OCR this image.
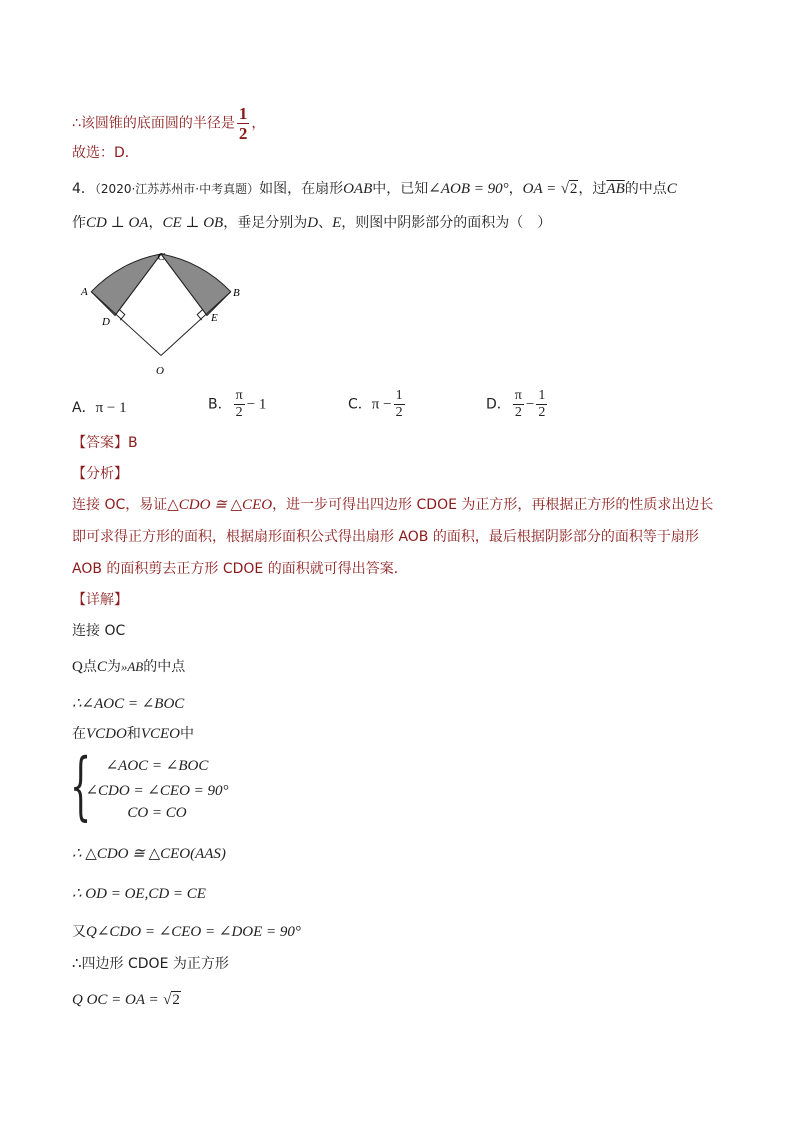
∴该圆锥的底面圆的半径是 $\frac{1}{2}$ ，
故选：D．
4．（2020·江苏苏州市·中考真题）如图，在扇形OAB中，已知∠AOB = 90°，OA = √2，过$\overline{AB}$的中点C
作CD ⊥ OA，CE ⊥ OB，垂足分别为D、E，则图中阴影部分的面积为（　）
C
A	B
D	E
O
A．π − 1	B． $\frac{\pi}{2} - 1$	C．$\pi - \frac{1}{2}$	D． $\frac{\pi}{2} - \frac{1}{2}$
【答案】B
【分析】
连接 OC，易证△CDO ≅ △CEO，进一步可得出四边形 CDOE 为正方形，再根据正方形的性质求出边长
即可求得正方形的面积，根据扇形面积公式得出扇形 AOB 的面积，最后根据阴影部分的面积等于扇形
AOB 的面积剪去正方形 CDOE 的面积就可得出答案．
【详解】
连接 OC
Q点C为»AB的中点
∴∠AOC = ∠BOC
在VCDO和VCEO中
{ ∠AOC = ∠BOC
∠CDO = ∠CEO = 90°
CO = CO
∴ △CDO ≅ △CEO(AAS)
∴ OD = OE,CD = CE
又Q∠CDO = ∠CEO = ∠DOE = 90°
∴四边形 CDOE 为正方形
Q OC = OA = √2
